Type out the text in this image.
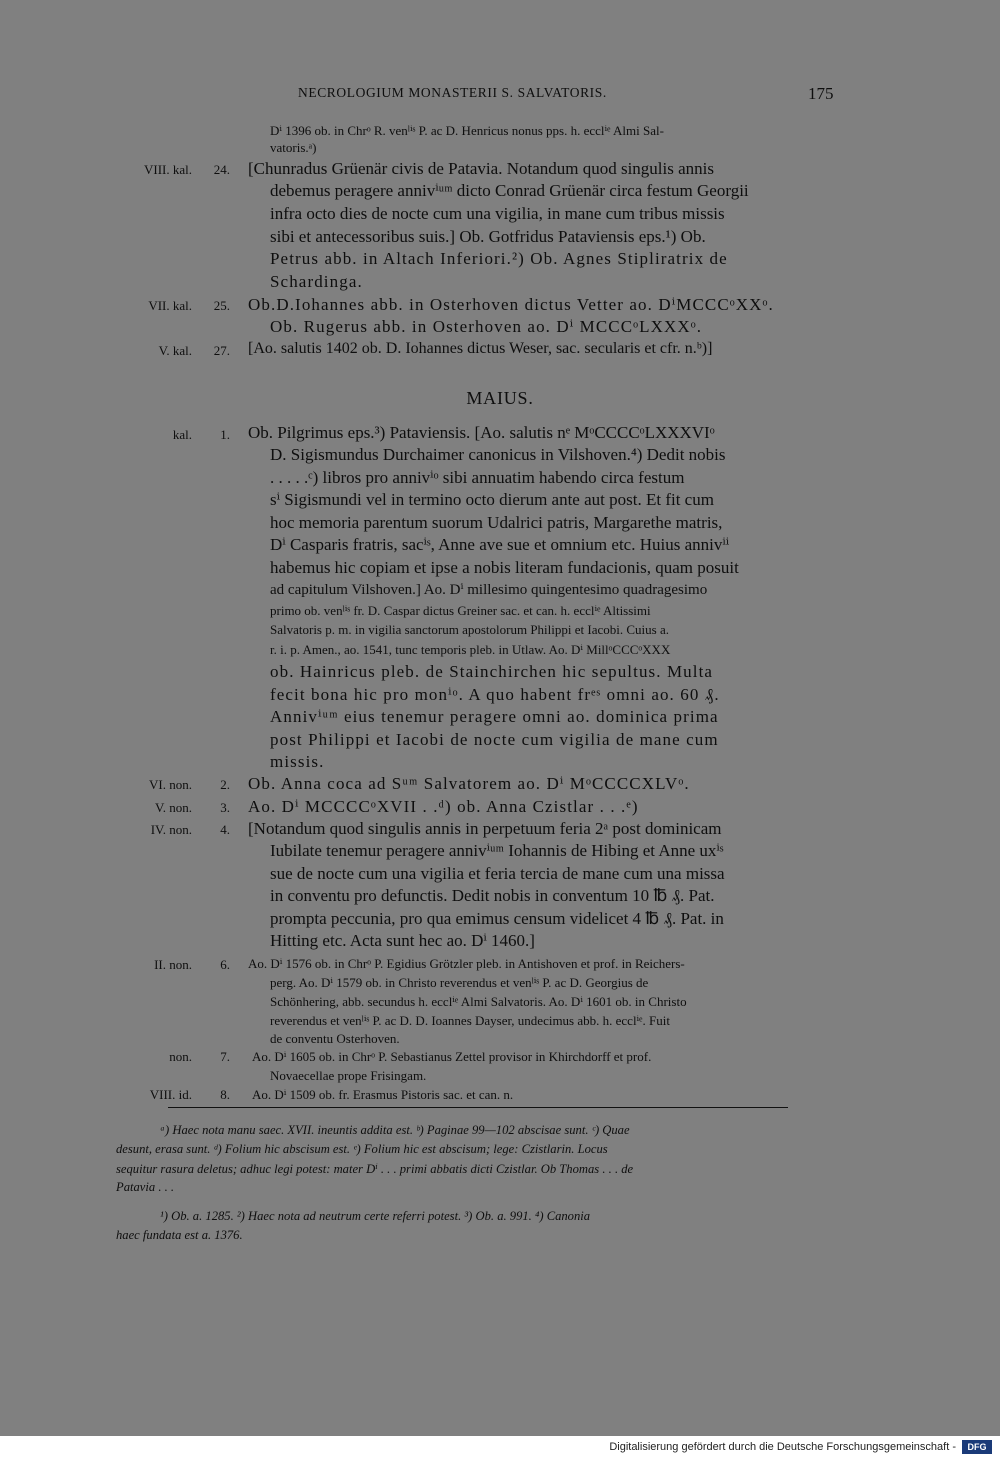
NECROLOGIUM MONASTERII S. SALVATORIS.	175
Dⁱ 1396 ob. in Chrᵒ R. venˡⁱˢ P. ac D. Henricus nonus pps. h. ecclⁱᵉ Almi Sal-
vatoris.ᵃ)
VIII. kal.	24. [Chunradus Grüenär civis de Patavia. Notandum quod singulis annis
debemus peragere annivⁱᵘᵐ dicto Conrad Grüenär circa festum Georgii
infra octo dies de nocte cum una vigilia, in mane cum tribus missis
sibi et antecessoribus suis.] Ob. Gotfridus Pataviensis eps.¹) Ob.
Petrus abb. in Altach Inferiori.²) Ob. Agnes Stipliratrix de
Schardinga.
VII. kal.	25. Ob.D.Iohannes abb. in Osterhoven dictus Vetter ao. DⁱMCCCᵒXXᵒ.
Ob. Rugerus abb. in Osterhoven ao. Dⁱ MCCCᵒLXXXᵒ.
V. kal.	27. [Ao. salutis 1402 ob. D. Iohannes dictus Weser, sac. secularis et cfr. n.ᵇ)]
MAIUS.
kal.	1. Ob. Pilgrimus eps.³) Pataviensis. [Ao. salutis nᵉ MᵒCCCCᵒLXXXVIᵒ
D. Sigismundus Durchaimer canonicus in Vilshoven.⁴) Dedit nobis
. . . . .ᶜ) libros pro annivⁱᵒ sibi annuatim habendo circa festum
sⁱ Sigismundi vel in termino octo dierum ante aut post. Et fit cum
hoc memoria parentum suorum Udalrici patris, Margarethe matris,
Dⁱ Casparis fratris, sacⁱˢ, Anne ave sue et omnium etc. Huius annivⁱⁱ
habemus hic copiam et ipse a nobis literam fundacionis, quam posuit
ad capitulum Vilshoven.] Ao. Dⁱ millesimo quingentesimo quadragesimo
primo ob. venˡⁱˢ fr. D. Caspar dictus Greiner sac. et can. h. ecclⁱᵉ Altissimi
Salvatoris p. m. in vigilia sanctorum apostolorum Philippi et Iacobi. Cuius a.
r. i. p. Amen., ao. 1541, tunc temporis pleb. in Utlaw. Ao. Dⁱ MillᵒCCCᵒXXX
ob. Hainricus pleb. de Stainchirchen hic sepultus. Multa
fecit bona hic pro monⁱᵒ. A quo habent frᵉˢ omni ao. 60 ₰.
Annivⁱᵘᵐ eius tenemur peragere omni ao. dominica prima
post Philippi et Iacobi de nocte cum vigilia de mane cum
missis.
VI. non.	2. Ob. Anna coca ad Sᵘᵐ Salvatorem ao. Dⁱ MᵒCCCCXLVᵒ.
V. non.	3. Ao. Dⁱ MCCCCᵒXVII . .ᵈ) ob. Anna Czistlar . . .ᵉ)
IV. non.	4. [Notandum quod singulis annis in perpetuum feria 2ᵃ post dominicam
Iubilate tenemur peragere annivⁱᵘᵐ Iohannis de Hibing et Anne uxⁱˢ
sue de nocte cum una vigilia et feria tercia de mane cum una missa
in conventu pro defunctis. Dedit nobis in conventum 10 ℔ ₰. Pat.
prompta peccunia, pro qua emimus censum videlicet 4 ℔ ₰. Pat. in
Hitting etc. Acta sunt hec ao. Dⁱ 1460.]
II. non.	6. Ao. Dⁱ 1576 ob. in Chrᵒ P. Egidius Grötzler pleb. in Antishoven et prof. in Reichers-
perg. Ao. Dⁱ 1579 ob. in Christo reverendus et venˡⁱˢ P. ac D. Georgius de
Schönhering, abb. secundus h. ecclⁱᵉ Almi Salvatoris. Ao. Dⁱ 1601 ob. in Christo
reverendus et venˡⁱˢ P. ac D. D. Ioannes Dayser, undecimus abb. h. ecclⁱᵉ. Fuit
de conventu Osterhoven.
non.	7. Ao. Dⁱ 1605 ob. in Chrᵒ P. Sebastianus Zettel provisor in Khirchdorff et prof.
Novaecellae prope Frisingam.
VIII. id.	8. Ao. Dⁱ 1509 ob. fr. Erasmus Pistoris sac. et can. n.
ᵃ) Haec nota manu saec. XVII. ineuntis addita est. ᵇ) Paginae 99—102 abscisae sunt. ᶜ) Quae
desunt, erasa sunt. ᵈ) Folium hic abscisum est. ᵉ) Folium hic est abscisum; lege: Czistlarin. Locus
sequitur rasura deletus; adhuc legi potest: mater Dⁱ . . . primi abbatis dicti Czistlar. Ob Thomas . . . de
Patavia . . .
¹) Ob. a. 1285. ²) Haec nota ad neutrum certe referri potest. ³) Ob. a. 991. ⁴) Canonia
haec fundata est a. 1376.
Digitalisierung gefördert durch die Deutsche Forschungsgemeinschaft -	DFG
